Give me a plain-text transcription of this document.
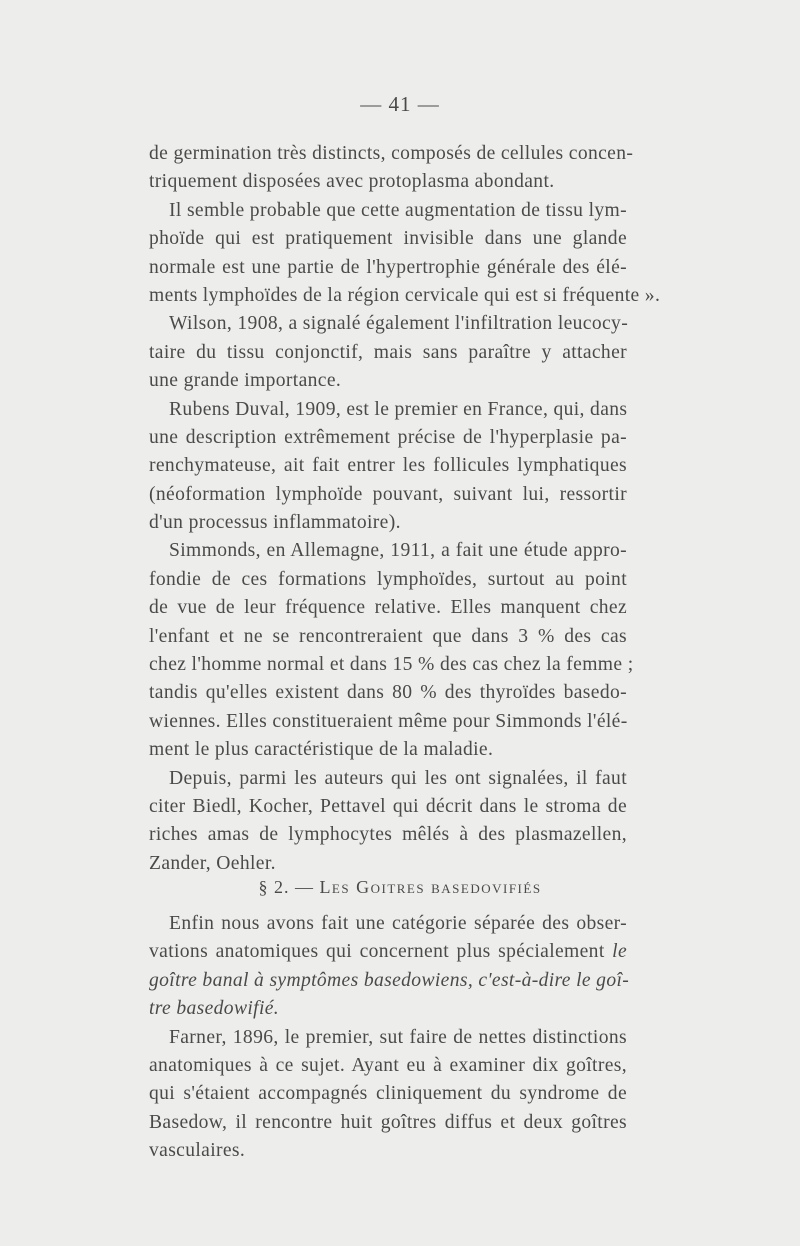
— 41 —
de germination très distincts, composés de cellules concen-
triquement disposées avec protoplasma abondant.
Il semble probable que cette augmentation de tissu lym-
phoïde qui est pratiquement invisible dans une glande
normale est une partie de l'hypertrophie générale des élé-
ments lymphoïdes de la région cervicale qui est si fréquente ».
Wilson, 1908, a signalé également l'infiltration leucocy-
taire du tissu conjonctif, mais sans paraître y attacher
une grande importance.
Rubens Duval, 1909, est le premier en France, qui, dans
une description extrêmement précise de l'hyperplasie pa-
renchymateuse, ait fait entrer les follicules lymphatiques
(néoformation lymphoïde pouvant, suivant lui, ressortir
d'un processus inflammatoire).
Simmonds, en Allemagne, 1911, a fait une étude appro-
fondie de ces formations lymphoïdes, surtout au point
de vue de leur fréquence relative. Elles manquent chez
l'enfant et ne se rencontreraient que dans 3 % des cas
chez l'homme normal et dans 15 % des cas chez la femme ;
tandis qu'elles existent dans 80 % des thyroïdes basedo-
wiennes. Elles constitueraient même pour Simmonds l'élé-
ment le plus caractéristique de la maladie.
Depuis, parmi les auteurs qui les ont signalées, il faut
citer Biedl, Kocher, Pettavel qui décrit dans le stroma de
riches amas de lymphocytes mêlés à des plasmazellen,
Zander, Oehler.
§ 2. — Les Goitres basedovifiés
Enfin nous avons fait une catégorie séparée des obser-
vations anatomiques qui concernent plus spécialement le
goître banal à symptômes basedowiens, c'est-à-dire le goî-
tre basedowifié.
Farner, 1896, le premier, sut faire de nettes distinctions
anatomiques à ce sujet. Ayant eu à examiner dix goîtres,
qui s'étaient accompagnés cliniquement du syndrome de
Basedow, il rencontre huit goîtres diffus et deux goîtres
vasculaires.
